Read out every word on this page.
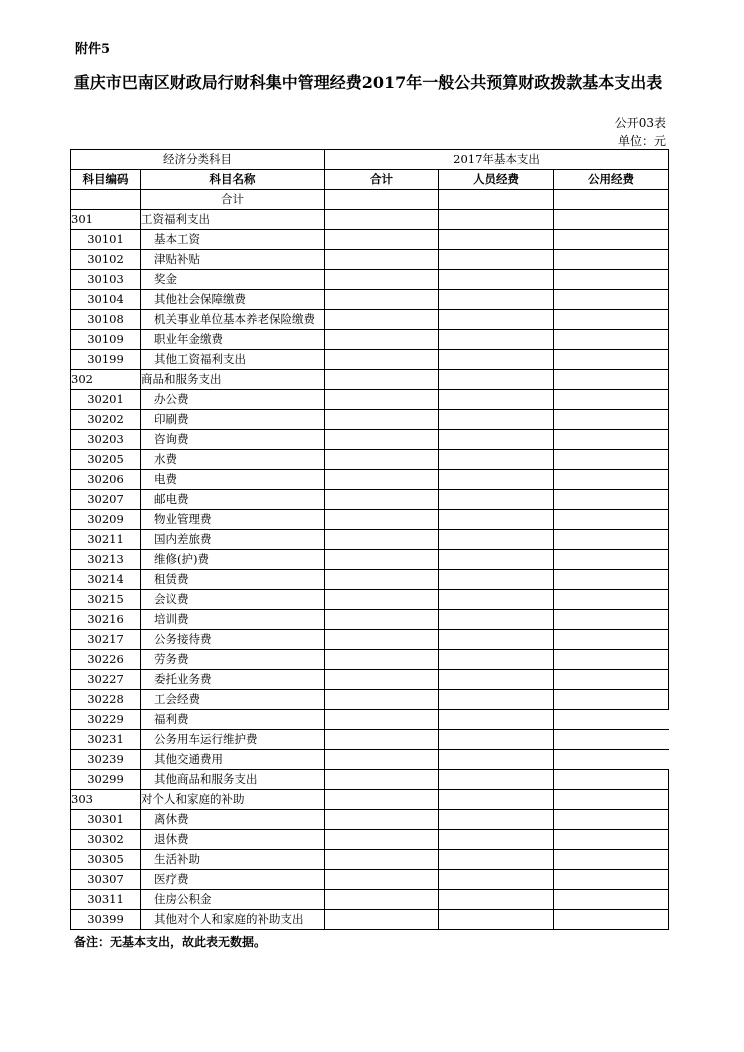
附件5
重庆市巴南区财政局行财科集中管理经费2017年一般公共预算财政拨款基本支出表
公开03表
单位：元
经济分类科目		2017年基本支出		
科目编码	科目名称	合计	人员经费	公用经费
	合计			
301	工资福利支出			
30101	基本工资			
30102	津贴补贴			
30103	奖金			
30104	其他社会保障缴费			
30108	机关事业单位基本养老保险缴费			
30109	职业年金缴费			
30199	其他工资福利支出			
302	商品和服务支出			
30201	办公费			
30202	印刷费			
30203	咨询费			
30205	水费			
30206	电费			
30207	邮电费			
30209	物业管理费			
30211	国内差旅费			
30213	维修(护)费			
30214	租赁费			
30215	会议费			
30216	培训费			
30217	公务接待费			
30226	劳务费			
30227	委托业务费			
30228	工会经费			
30229	福利费			
30231	公务用车运行维护费			
30239	其他交通费用			
30299	其他商品和服务支出			
303	对个人和家庭的补助			
30301	离休费			
30302	退休费			
30305	生活补助			
30307	医疗费			
30311	住房公积金			
30399	其他对个人和家庭的补助支出			
备注：无基本支出，故此表无数据。
